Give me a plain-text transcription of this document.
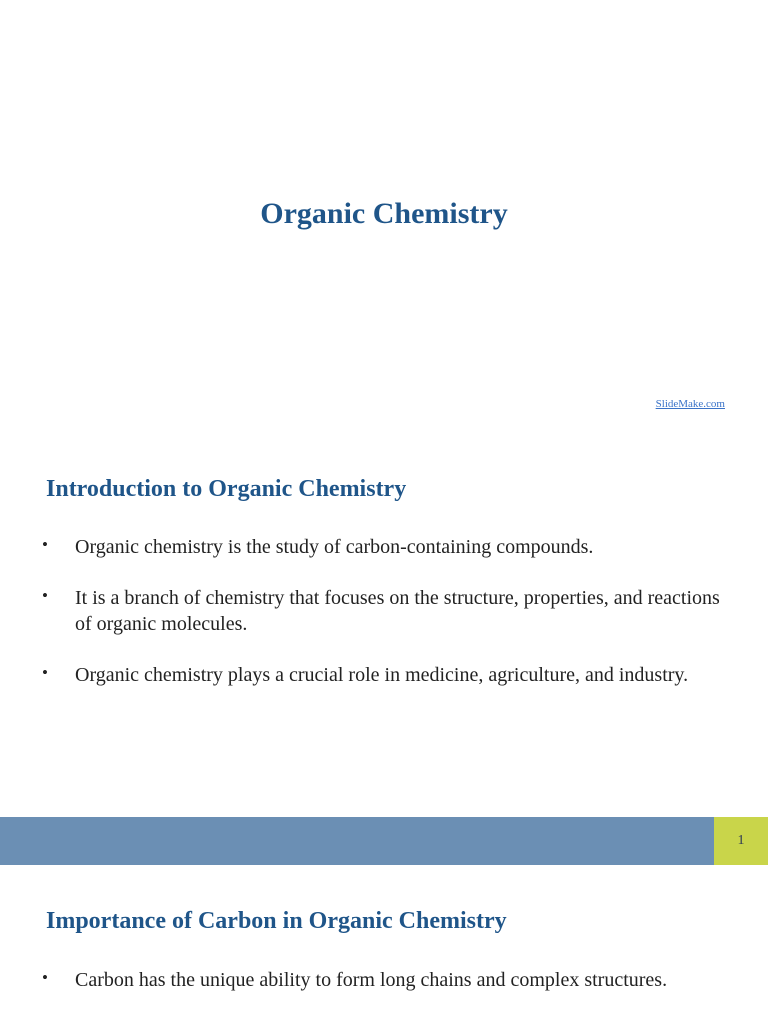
Organic Chemistry
SlideMake.com
Introduction to Organic Chemistry
• Organic chemistry is the study of carbon-containing compounds.
• It is a branch of chemistry that focuses on the structure, properties, and reactions of organic molecules.
• Organic chemistry plays a crucial role in medicine, agriculture, and industry.
1
Importance of Carbon in Organic Chemistry
• Carbon has the unique ability to form long chains and complex structures.
